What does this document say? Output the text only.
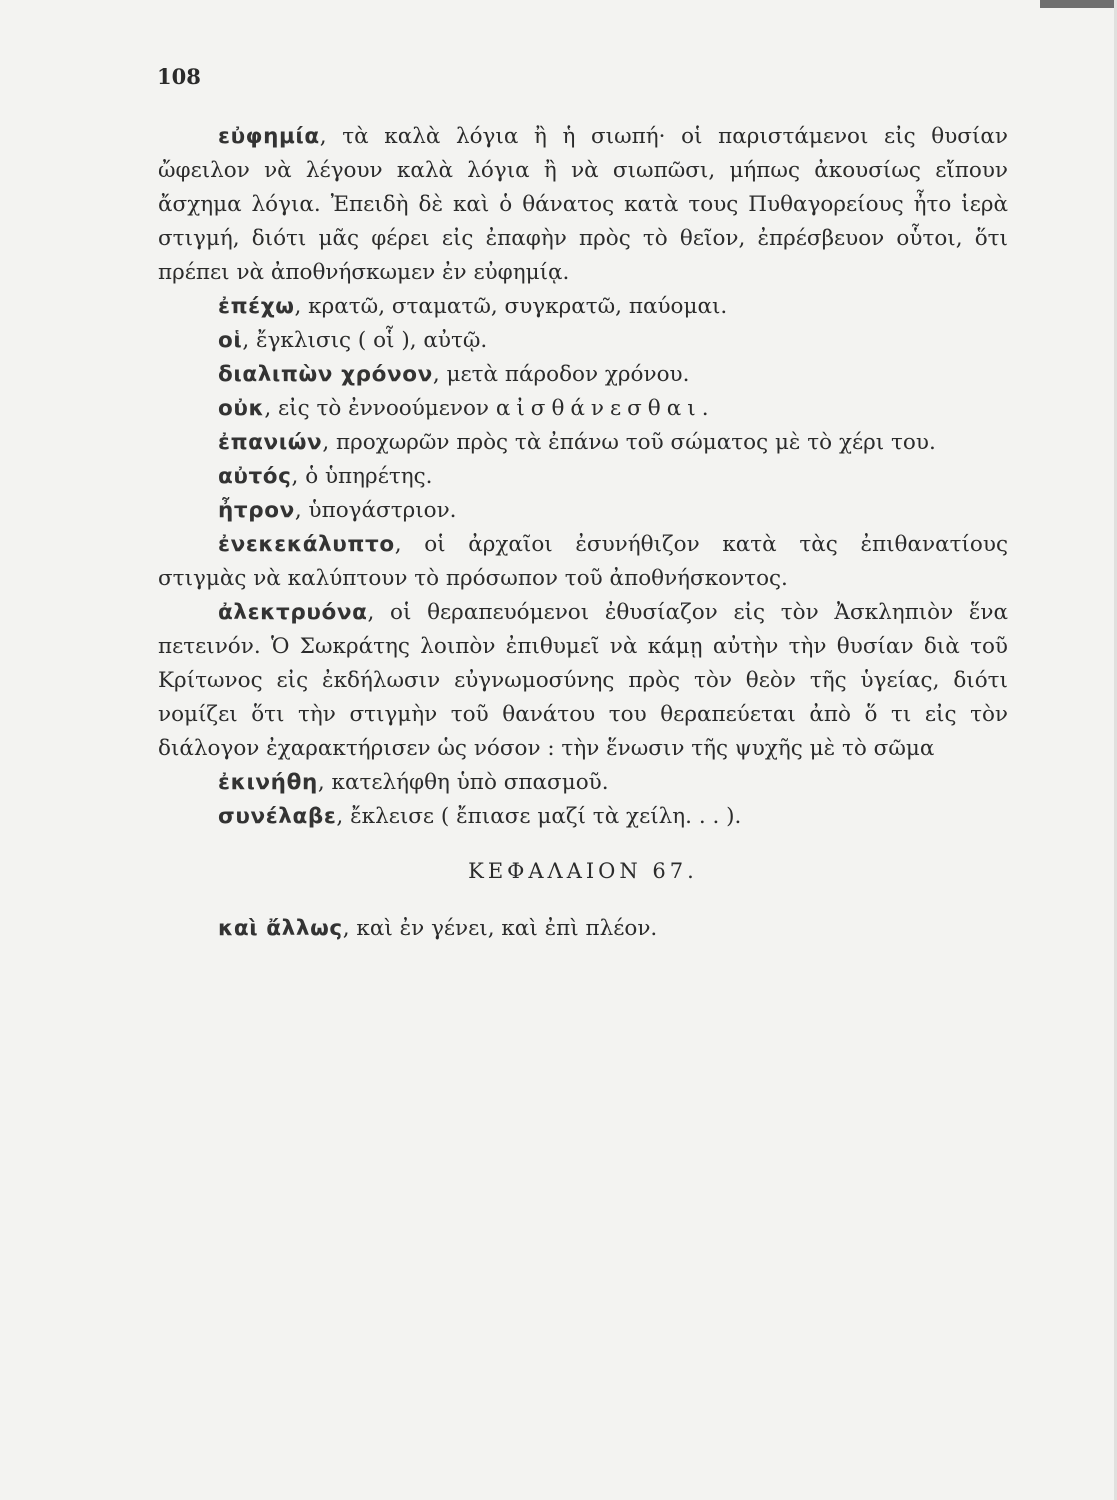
108

εὐφημία, τὰ καλὰ λόγια ἢ ἡ σιωπή· οἱ παριστάμενοι εἰς θυσίαν ὤφειλον νὰ λέγουν καλὰ λόγια ἢ νὰ σιωπῶσι, μήπως ἀκουσίως εἴπουν ἄσχημα λόγια. Ἐπειδὴ δὲ καὶ ὁ θάνατος κατὰ τους Πυθαγορείους ἦτο ἱερὰ στιγμή, διότι μᾶς φέρει εἰς ἐπαφὴν πρὸς τὸ θεῖον, ἐπρέσβευον οὗτοι, ὅτι πρέπει νὰ ἀποθνήσκωμεν ἐν εὐφημίᾳ.

ἐπέχω, κρατῶ, σταματῶ, συγκρατῶ, παύομαι.

οἱ, ἔγκλισις ( οἷ ), αὐτῷ.

διαλιπὼν χρόνον, μετὰ πάροδον χρόνου.

οὐκ, εἰς τὸ ἐννοούμενον αἰσθάνεσθαι.

ἐπανιών, προχωρῶν πρὸς τὰ ἐπάνω τοῦ σώματος μὲ τὸ χέρι του.

αὐτός, ὁ ὑπηρέτης.

ἦτρον, ὑπογάστριον.

ἐνεκεκάλυπτο, οἱ ἀρχαῖοι ἐσυνήθιζον κατὰ τὰς ἐπιθανατίους στιγμὰς νὰ καλύπτουν τὸ πρόσωπον τοῦ ἀποθνήσκοντος.

ἀλεκτρυόνα, οἱ θεραπευόμενοι ἐθυσίαζον εἰς τὸν Ἀσκληπιὸν ἕνα πετεινόν. Ὁ Σωκράτης λοιπὸν ἐπιθυμεῖ νὰ κάμῃ αὐτὴν τὴν θυσίαν διὰ τοῦ Κρίτωνος εἰς ἐκδήλωσιν εὐγνωμοσύνης πρὸς τὸν θεὸν τῆς ὑγείας, διότι νομίζει ὅτι τὴν στιγμὴν τοῦ θανάτου του θεραπεύεται ἀπὸ ὅ τι εἰς τὸν διάλογον ἐχαρακτήρισεν ὡς νόσον : τὴν ἕνωσιν τῆς ψυχῆς μὲ τὸ σῶμα

ἐκινήθη, κατελήφθη ὑπὸ σπασμοῦ.

συνέλαβε, ἔκλεισε ( ἔπιασε μαζί τὰ χείλη. . . ).

ΚΕΦΑΛΑΙΟΝ 67.

καὶ ἄλλως, καὶ ἐν γένει, καὶ ἐπὶ πλέον.
